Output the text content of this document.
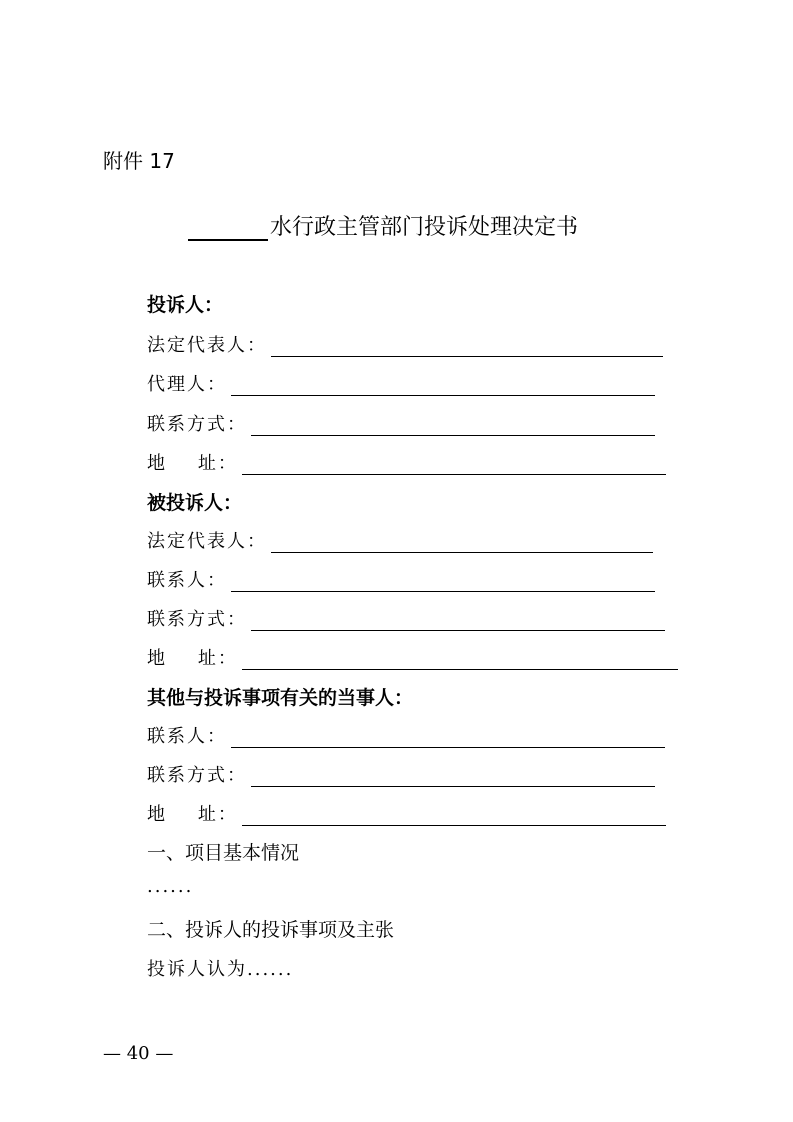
附件 17
水行政主管部门投诉处理决定书
投诉人：
法定代表人：
代理人：
联系方式：
地    址：
被投诉人：
法定代表人：
联系人：
联系方式：
地    址：
其他与投诉事项有关的当事人：
联系人：
联系方式：
地    址：
一、项目基本情况
......
二、投诉人的投诉事项及主张
投诉人认为......
— 40 —
